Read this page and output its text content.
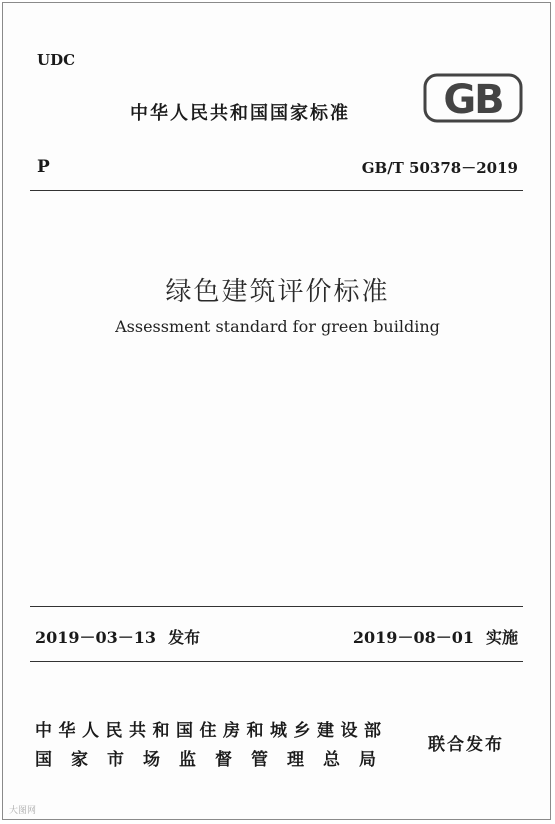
UDC
中华人民共和国国家标准 GB
P	GB/T 50378－2019
绿色建筑评价标准
Assessment standard for green building
2019－03－13 发布	2019－08－01 实施
中华人民共和国住房和城乡建设部
国家市场监督管理总局
联合发布
大图网
